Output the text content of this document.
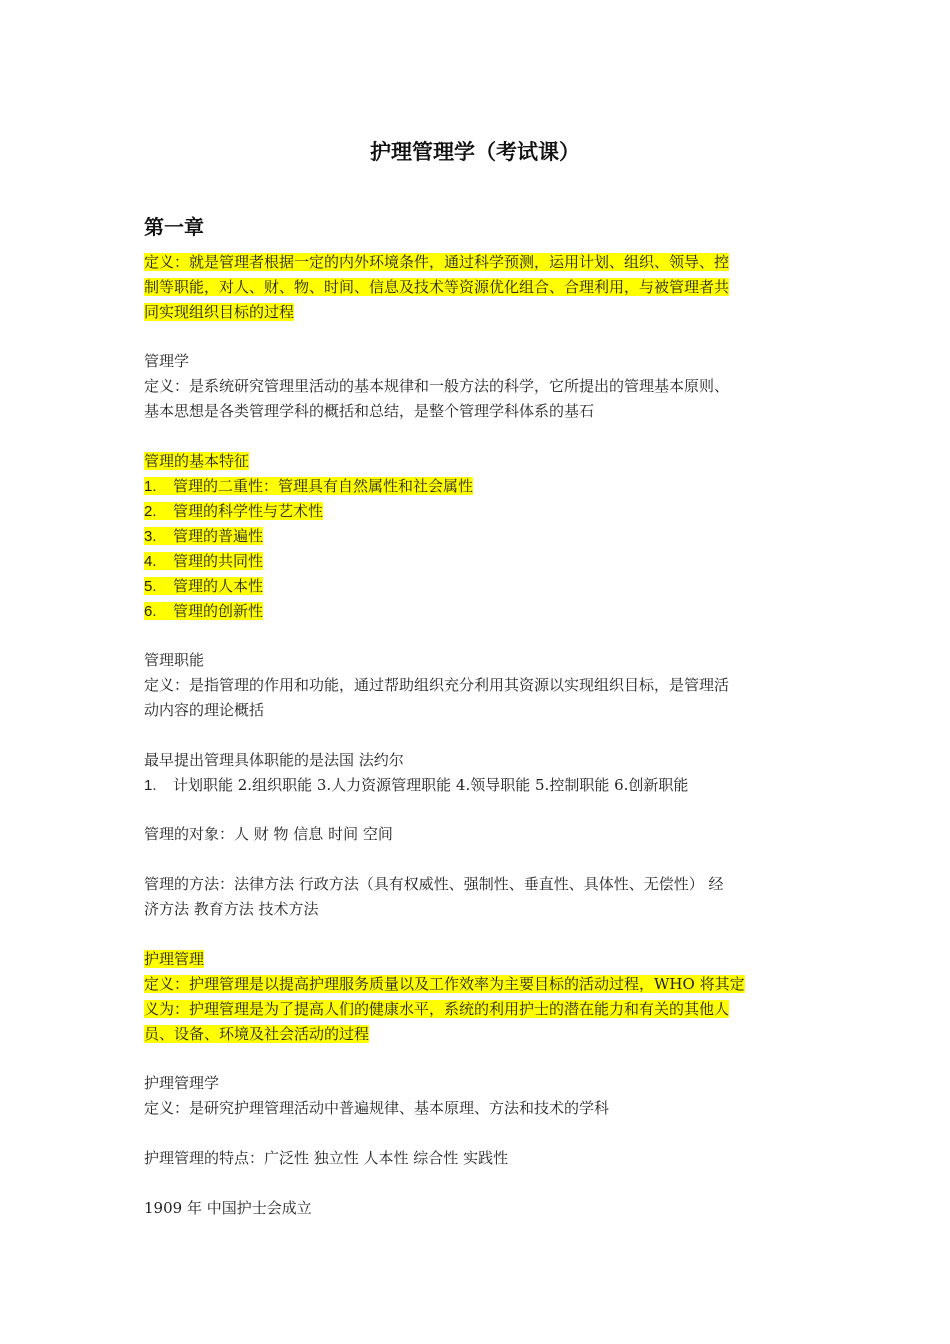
护理管理学（考试课）
第一章
定义：就是管理者根据一定的内外环境条件，通过科学预测，运用计划、组织、领导、控
制等职能，对人、财、物、时间、信息及技术等资源优化组合、合理利用，与被管理者共
同实现组织目标的过程
管理学
定义：是系统研究管理里活动的基本规律和一般方法的科学，它所提出的管理基本原则、
基本思想是各类管理学科的概括和总结，是整个管理学科体系的基石
管理的基本特征
1. 管理的二重性：管理具有自然属性和社会属性
2. 管理的科学性与艺术性
3. 管理的普遍性
4. 管理的共同性
5. 管理的人本性
6. 管理的创新性
管理职能
定义：是指管理的作用和功能，通过帮助组织充分利用其资源以实现组织目标，是管理活
动内容的理论概括
最早提出管理具体职能的是法国 法约尔
1. 计划职能 2.组织职能 3.人力资源管理职能 4.领导职能 5.控制职能 6.创新职能
管理的对象：人 财 物 信息 时间 空间
管理的方法：法律方法 行政方法（具有权威性、强制性、垂直性、具体性、无偿性） 经
济方法 教育方法 技术方法
护理管理
定义：护理管理是以提高护理服务质量以及工作效率为主要目标的活动过程，WHO 将其定
义为：护理管理是为了提高人们的健康水平，系统的利用护士的潜在能力和有关的其他人
员、设备、环境及社会活动的过程
护理管理学
定义：是研究护理管理活动中普遍规律、基本原理、方法和技术的学科
护理管理的特点：广泛性 独立性 人本性 综合性 实践性
1909 年 中国护士会成立
